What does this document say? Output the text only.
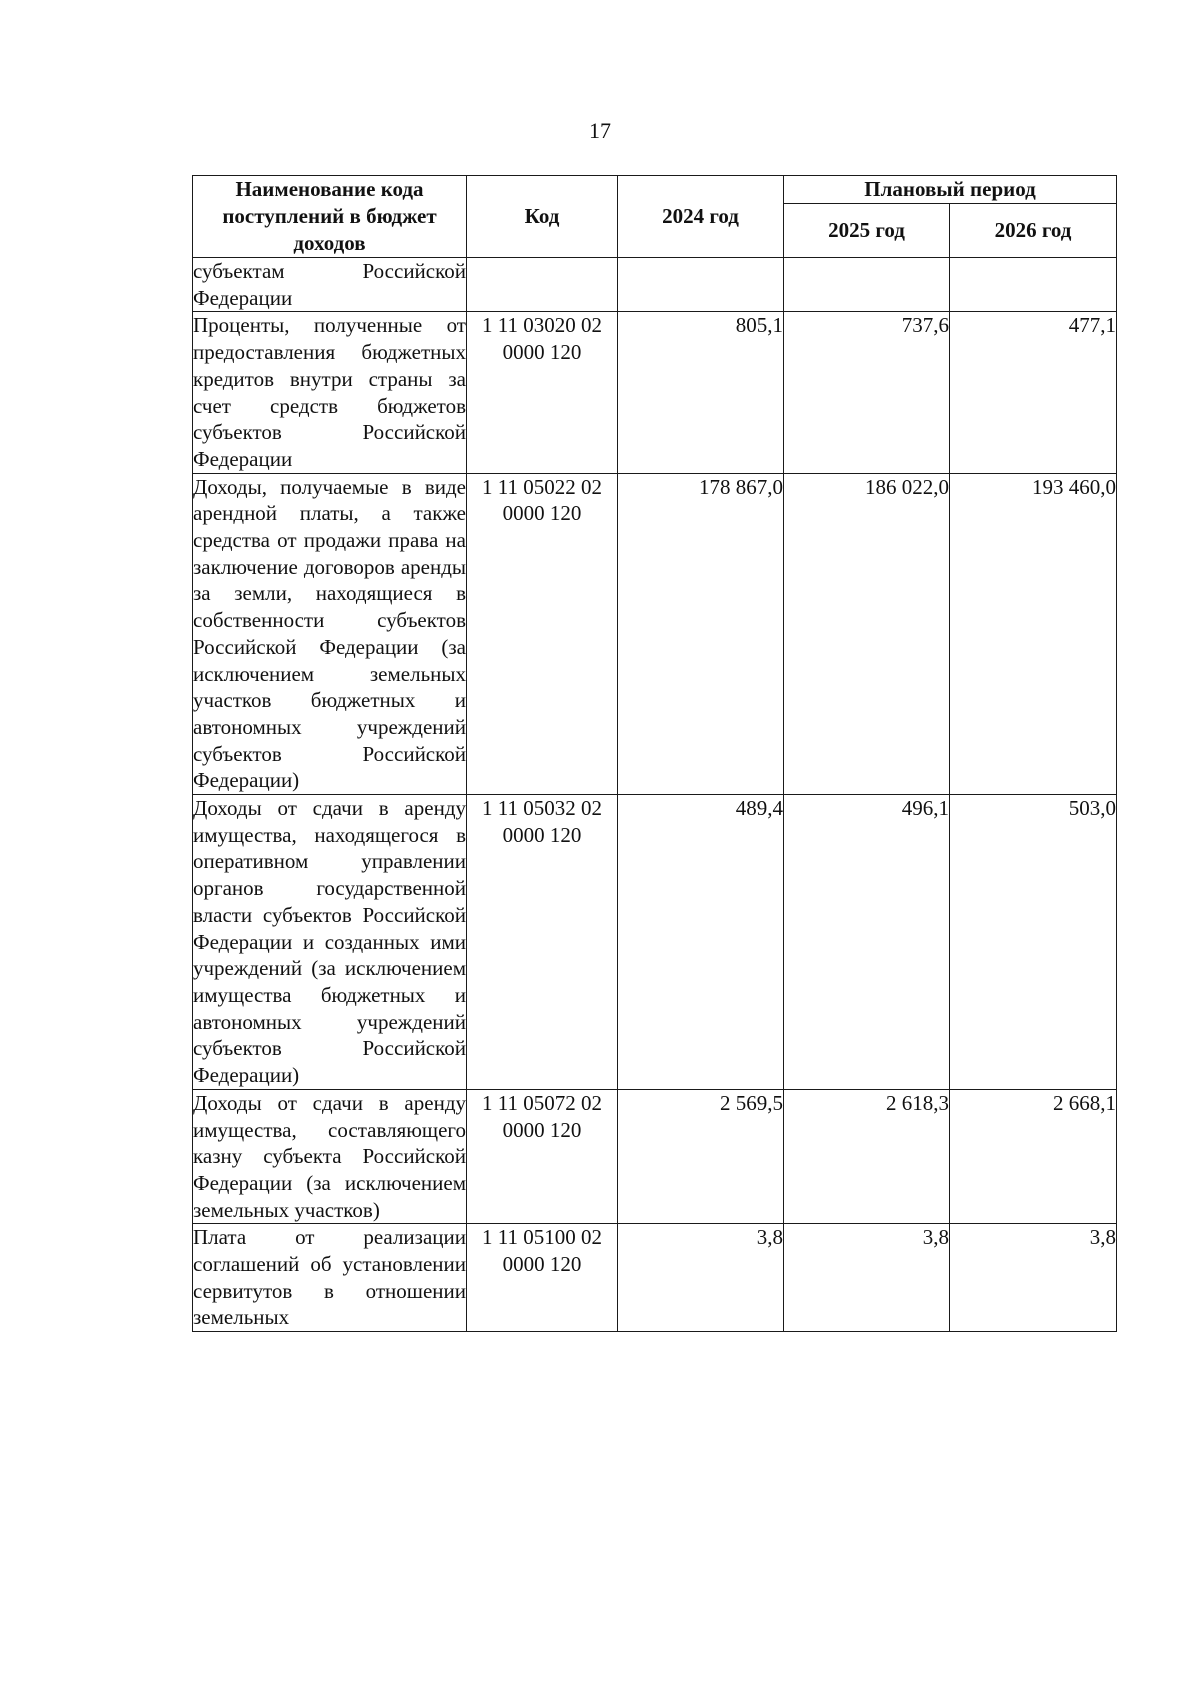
17
Наименование кода поступлений в бюджет доходов	Код	2024 год	Плановый период	
			2025 год	2026 год
субъектам Российской Федерации				
Проценты, полученные от предоставления бюджетных кредитов внутри страны за счет средств бюджетов субъектов Российской Федерации	1 11 03020 02 0000 120	805,1	737,6	477,1
Доходы, получаемые в виде арендной платы, а также средства от продажи права на заключение договоров аренды за земли, находящиеся в собственности субъектов Российской Федерации (за исключением земельных участков бюджетных и автономных учреждений субъектов Российской Федерации)	1 11 05022 02 0000 120	178 867,0	186 022,0	193 460,0
Доходы от сдачи в аренду имущества, находящегося в оперативном управлении органов государственной власти субъектов Российской Федерации и созданных ими учреждений (за исключением имущества бюджетных и автономных учреждений субъектов Российской Федерации)	1 11 05032 02 0000 120	489,4	496,1	503,0
Доходы от сдачи в аренду имущества, составляющего казну субъекта Российской Федерации (за исключением земельных участков)	1 11 05072 02 0000 120	2 569,5	2 618,3	2 668,1
Плата от реализации соглашений об установлении сервитутов в отношении земельных	1 11 05100 02 0000 120	3,8	3,8	3,8
